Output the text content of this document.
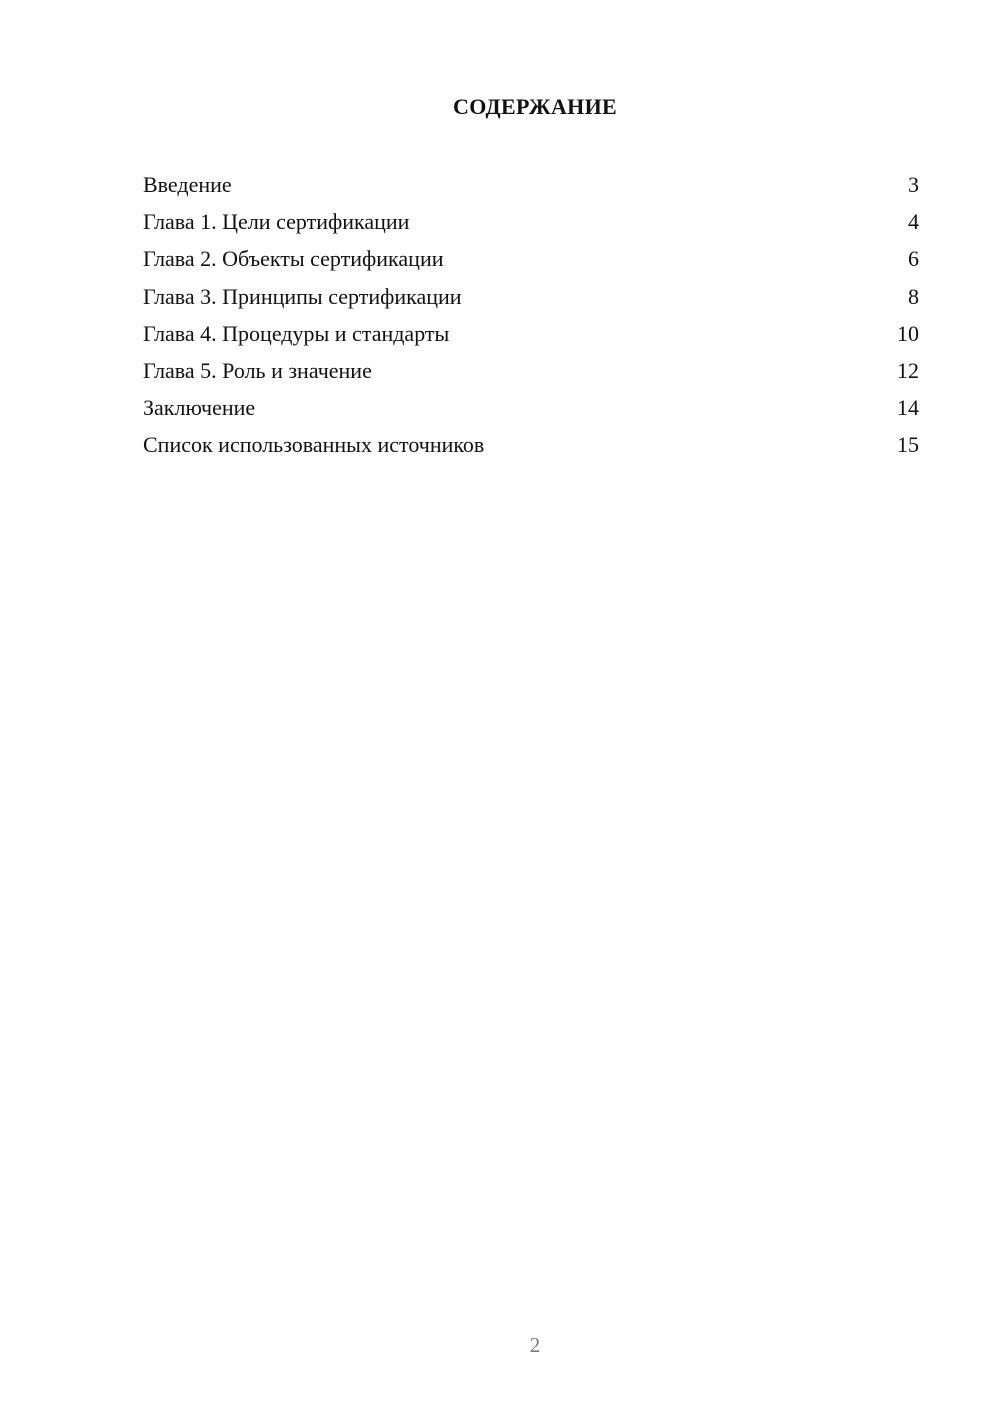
СОДЕРЖАНИЕ
Введение	3
Глава 1. Цели сертификации	4
Глава 2. Объекты сертификации	6
Глава 3. Принципы сертификации	8
Глава 4. Процедуры и стандарты	10
Глава 5. Роль и значение	12
Заключение	14
Список использованных источников	15
2
